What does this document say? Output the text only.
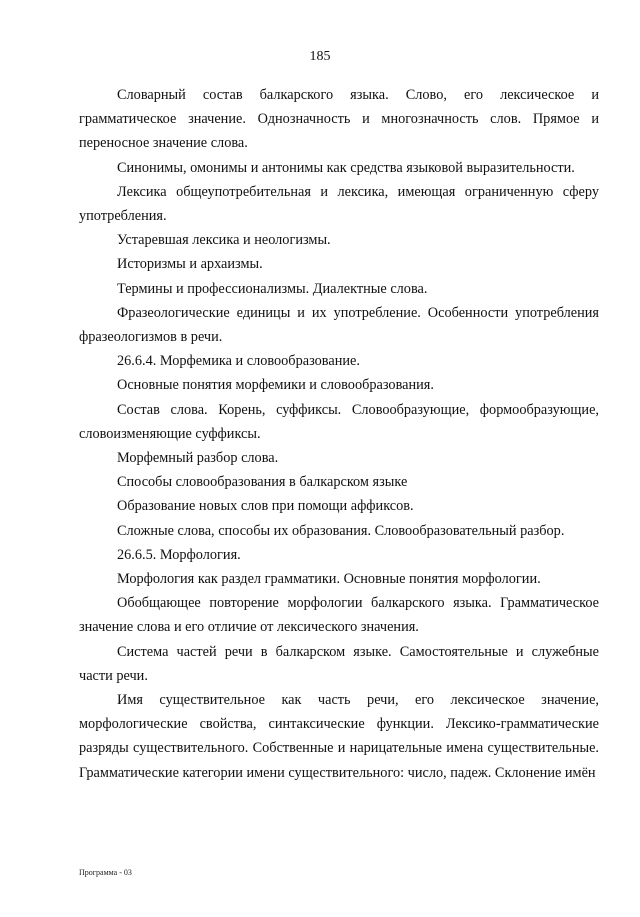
185

Словарный состав балкарского языка. Слово, его лексическое и грамматическое значение. Однозначность и многозначность слов. Прямое и переносное значение слова.

Синонимы, омонимы и антонимы как средства языковой выразительности.

Лексика общеупотребительная и лексика, имеющая ограниченную сферу употребления.

Устаревшая лексика и неологизмы.

Историзмы и архаизмы.

Термины и профессионализмы. Диалектные слова.

Фразеологические единицы и их употребление. Особенности употребления фразеологизмов в речи.

26.6.4. Морфемика и словообразование.

Основные понятия морфемики и словообразования.

Состав слова. Корень, суффиксы. Словообразующие, формообразующие, словоизменяющие суффиксы.

Морфемный разбор слова.

Способы словообразования в балкарском языке

Образование новых слов при помощи аффиксов.

Сложные слова, способы их образования. Словообразовательный разбор.

26.6.5. Морфология.

Морфология как раздел грамматики. Основные понятия морфологии.

Обобщающее повторение морфологии балкарского языка. Грамматическое значение слова и его отличие от лексического значения.

Система частей речи в балкарском языке. Самостоятельные и служебные части речи.

Имя существительное как часть речи, его лексическое значение, морфологические свойства, синтаксические функции. Лексико-грамматические разряды существительного. Собственные и нарицательные имена существительные. Грамматические категории имени существительного: число, падеж. Склонение имён

Программа - 03
